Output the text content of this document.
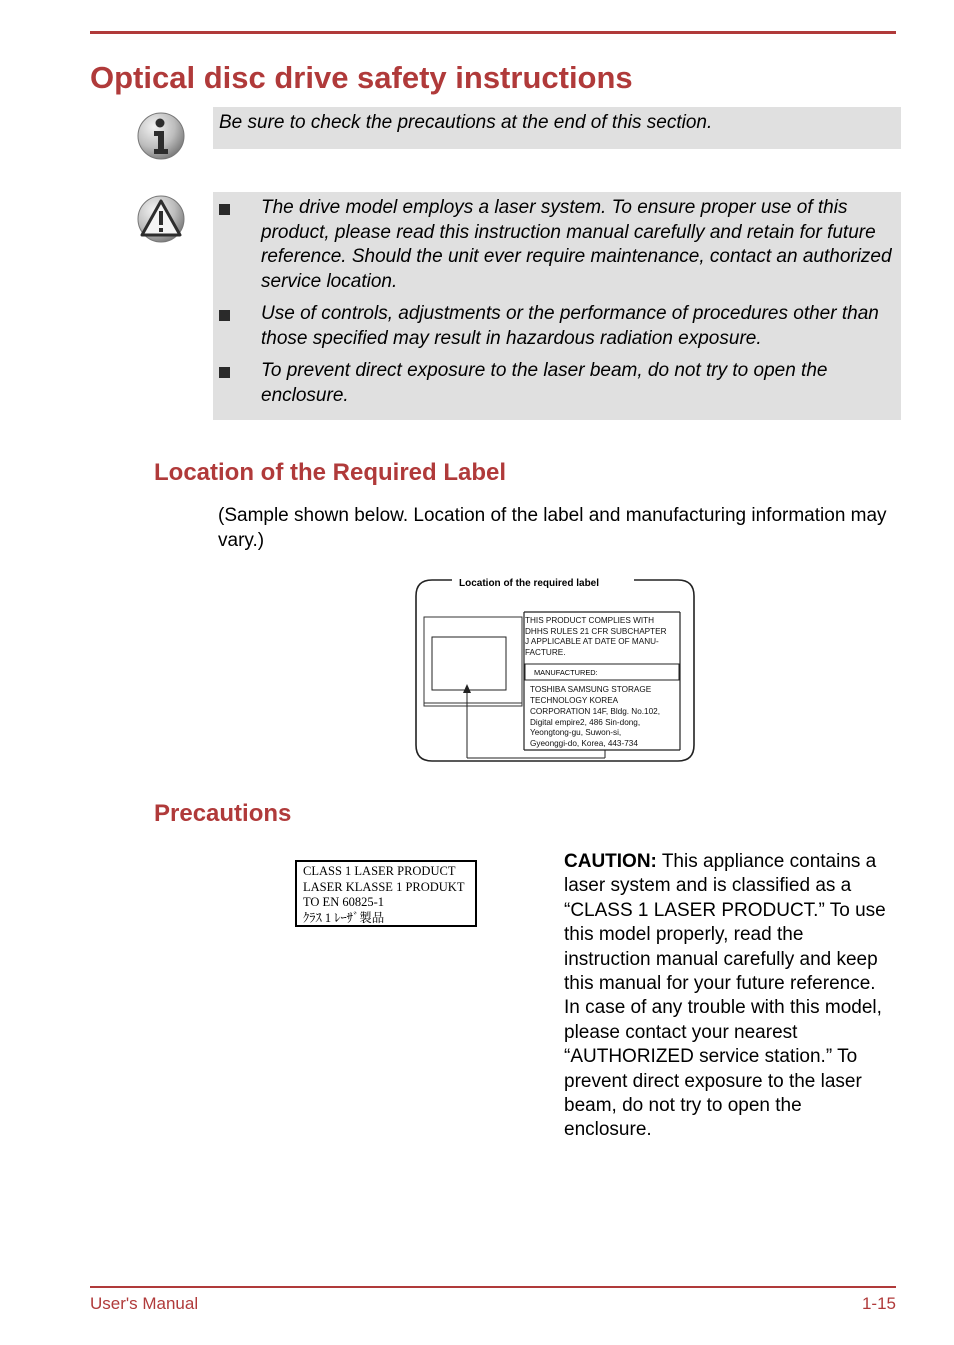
Optical disc drive safety instructions

Be sure to check the precautions at the end of this section.

The drive model employs a laser system. To ensure proper use of this product, please read this instruction manual carefully and retain for future reference. Should the unit ever require maintenance, contact an authorized service location.
Use of controls, adjustments or the performance of procedures other than those specified may result in hazardous radiation exposure.
To prevent direct exposure to the laser beam, do not try to open the enclosure.
Location of the Required Label

(Sample shown below. Location of the label and manufacturing information may vary.)

Location of the required label
THIS PRODUCT COMPLIES WITH
DHHS RULES 21 CFR SUBCHAPTER
J APPLICABLE AT DATE OF MANU-
FACTURE.
MANUFACTURED:
TOSHIBA SAMSUNG STORAGE
TECHNOLOGY KOREA
CORPORATION 14F, Bldg. No.102,
Digital empire2, 486 Sin-dong,
Yeongtong-gu, Suwon-si,
Gyeonggi-do, Korea, 443-734
Precautions
CLASS 1 LASER PRODUCT
LASER KLASSE 1 PRODUKT
TO EN 60825-1
ｸﾗｽ 1 ﾚｰｻﾞ製品

CAUTION: This appliance contains a laser system and is classified as a “CLASS 1 LASER PRODUCT.” To use this model properly, read the instruction manual carefully and keep this manual for your future reference. In case of any trouble with this model, please contact your nearest “AUTHORIZED service station.” To prevent direct exposure to the laser beam, do not try to open the enclosure.

User's Manual	1-15
